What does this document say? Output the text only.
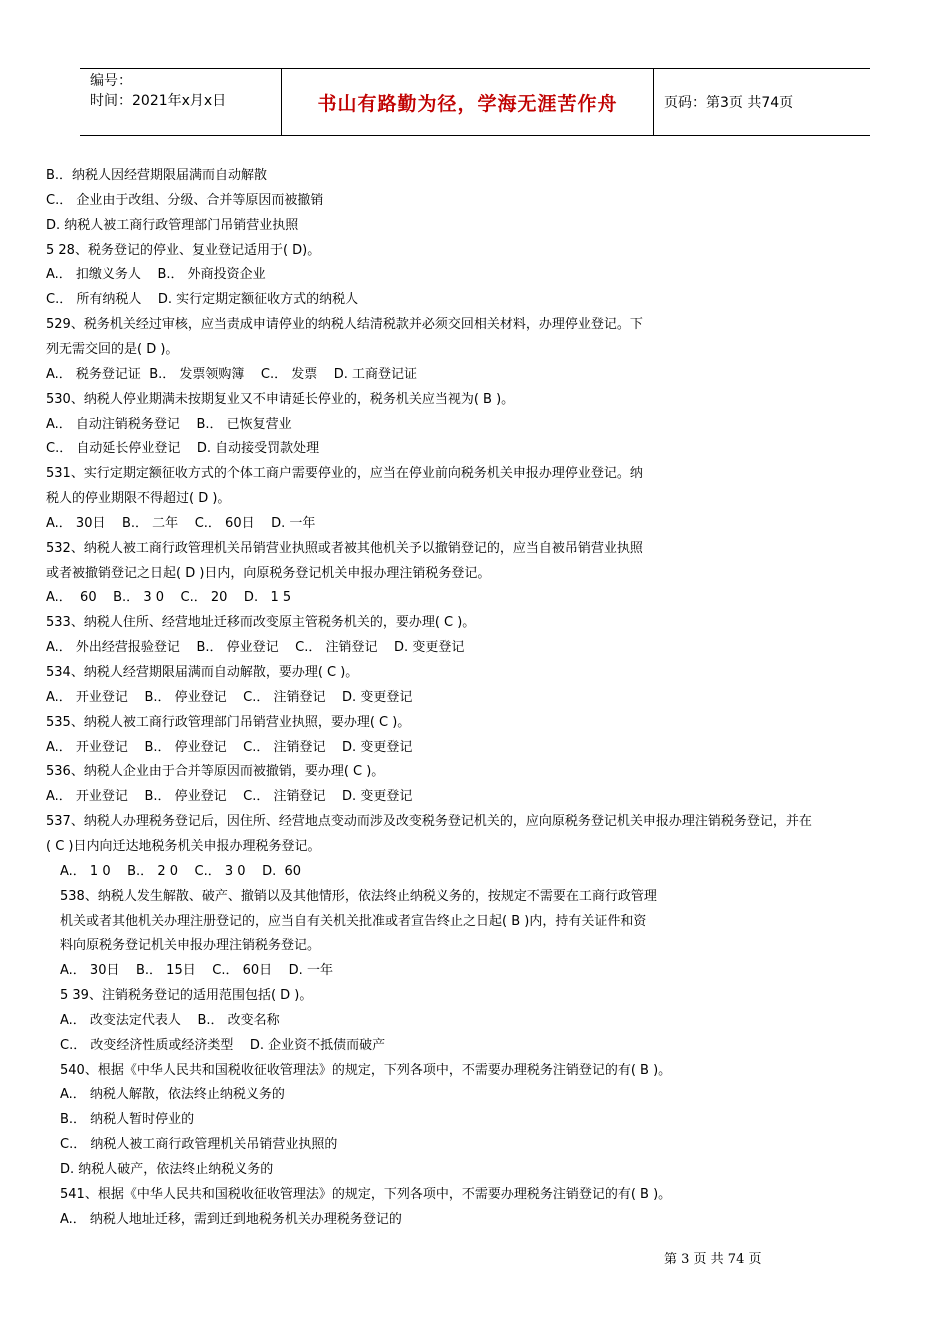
编号：
时间：2021年x月x日	书山有路勤为径，学海无涯苦作舟	页码：第3页 共74页
B.．纳税人因经营期限届满而自动解散
C.． 企业由于改组、分级、合并等原因而被撤销
D. 纳税人被工商行政管理部门吊销营业执照
5 28、税务登记的停业、复业登记适用于( D)。
A.． 扣缴义务人    B.． 外商投资企业
C.． 所有纳税人    D. 实行定期定额征收方式的纳税人
529、税务机关经过审核，应当责成申请停业的纳税人结清税款并必须交回相关材料，办理停业登记。下
列无需交回的是( D )。
A.． 税务登记证  B.． 发票领购簿    C.． 发票    D. 工商登记证
530、纳税人停业期满未按期复业又不申请延长停业的，税务机关应当视为( B )。
A.． 自动注销税务登记    B.． 已恢复营业
C.． 自动延长停业登记    D. 自动接受罚款处理
531、实行定期定额征收方式的个体工商户需要停业的，应当在停业前向税务机关申报办理停业登记。纳
税人的停业期限不得超过( D )。
A.． 30日    B.． 二年    C.． 60日    D. 一年
532、纳税人被工商行政管理机关吊销营业执照或者被其他机关予以撤销登记的，应当自被吊销营业执照
或者被撤销登记之日起( D )日内，向原税务登记机关申报办理注销税务登记。
A.．  60    B.． 3 0    C.． 20    D.   1 5
533、纳税人住所、经营地址迁移而改变原主管税务机关的，要办理( C )。
A.． 外出经营报验登记    B.． 停业登记    C.． 注销登记    D. 变更登记
534、纳税人经营期限届满而自动解散，要办理( C )。
A.． 开业登记    B.． 停业登记    C.． 注销登记    D. 变更登记
535、纳税人被工商行政管理部门吊销营业执照，要办理( C )。
A.． 开业登记    B.． 停业登记    C.． 注销登记    D. 变更登记
536、纳税人企业由于合并等原因而被撤销，要办理( C )。
A.． 开业登记    B.． 停业登记    C.． 注销登记    D. 变更登记
537、纳税人办理税务登记后，因住所、经营地点变动而涉及改变税务登记机关的，应向原税务登记机关申报办理注销税务登记，并在
( C )日内向迁达地税务机关申报办理税务登记。
A.． 1 0    B.． 2 0    C.． 3 0    D.  60
538、纳税人发生解散、破产、撤销以及其他情形，依法终止纳税义务的，按规定不需要在工商行政管理
机关或者其他机关办理注册登记的，应当自有关机关批准或者宣告终止之日起( B )内，持有关证件和资
料向原税务登记机关申报办理注销税务登记。
A.． 30日    B.． 15日    C.． 60日    D. 一年
5 39、注销税务登记的适用范围包括( D )。
A.． 改变法定代表人    B.． 改变名称
C.． 改变经济性质或经济类型    D. 企业资不抵债而破产
540、根据《中华人民共和国税收征收管理法》的规定，下列各项中，不需要办理税务注销登记的有( B )。
A.． 纳税人解散，依法终止纳税义务的
B.． 纳税人暂时停业的
C.． 纳税人被工商行政管理机关吊销营业执照的
D. 纳税人破产，依法终止纳税义务的
541、根据《中华人民共和国税收征收管理法》的规定，下列各项中，不需要办理税务注销登记的有( B )。
A.． 纳税人地址迁移，需到迁到地税务机关办理税务登记的
第 3 页 共 74 页
